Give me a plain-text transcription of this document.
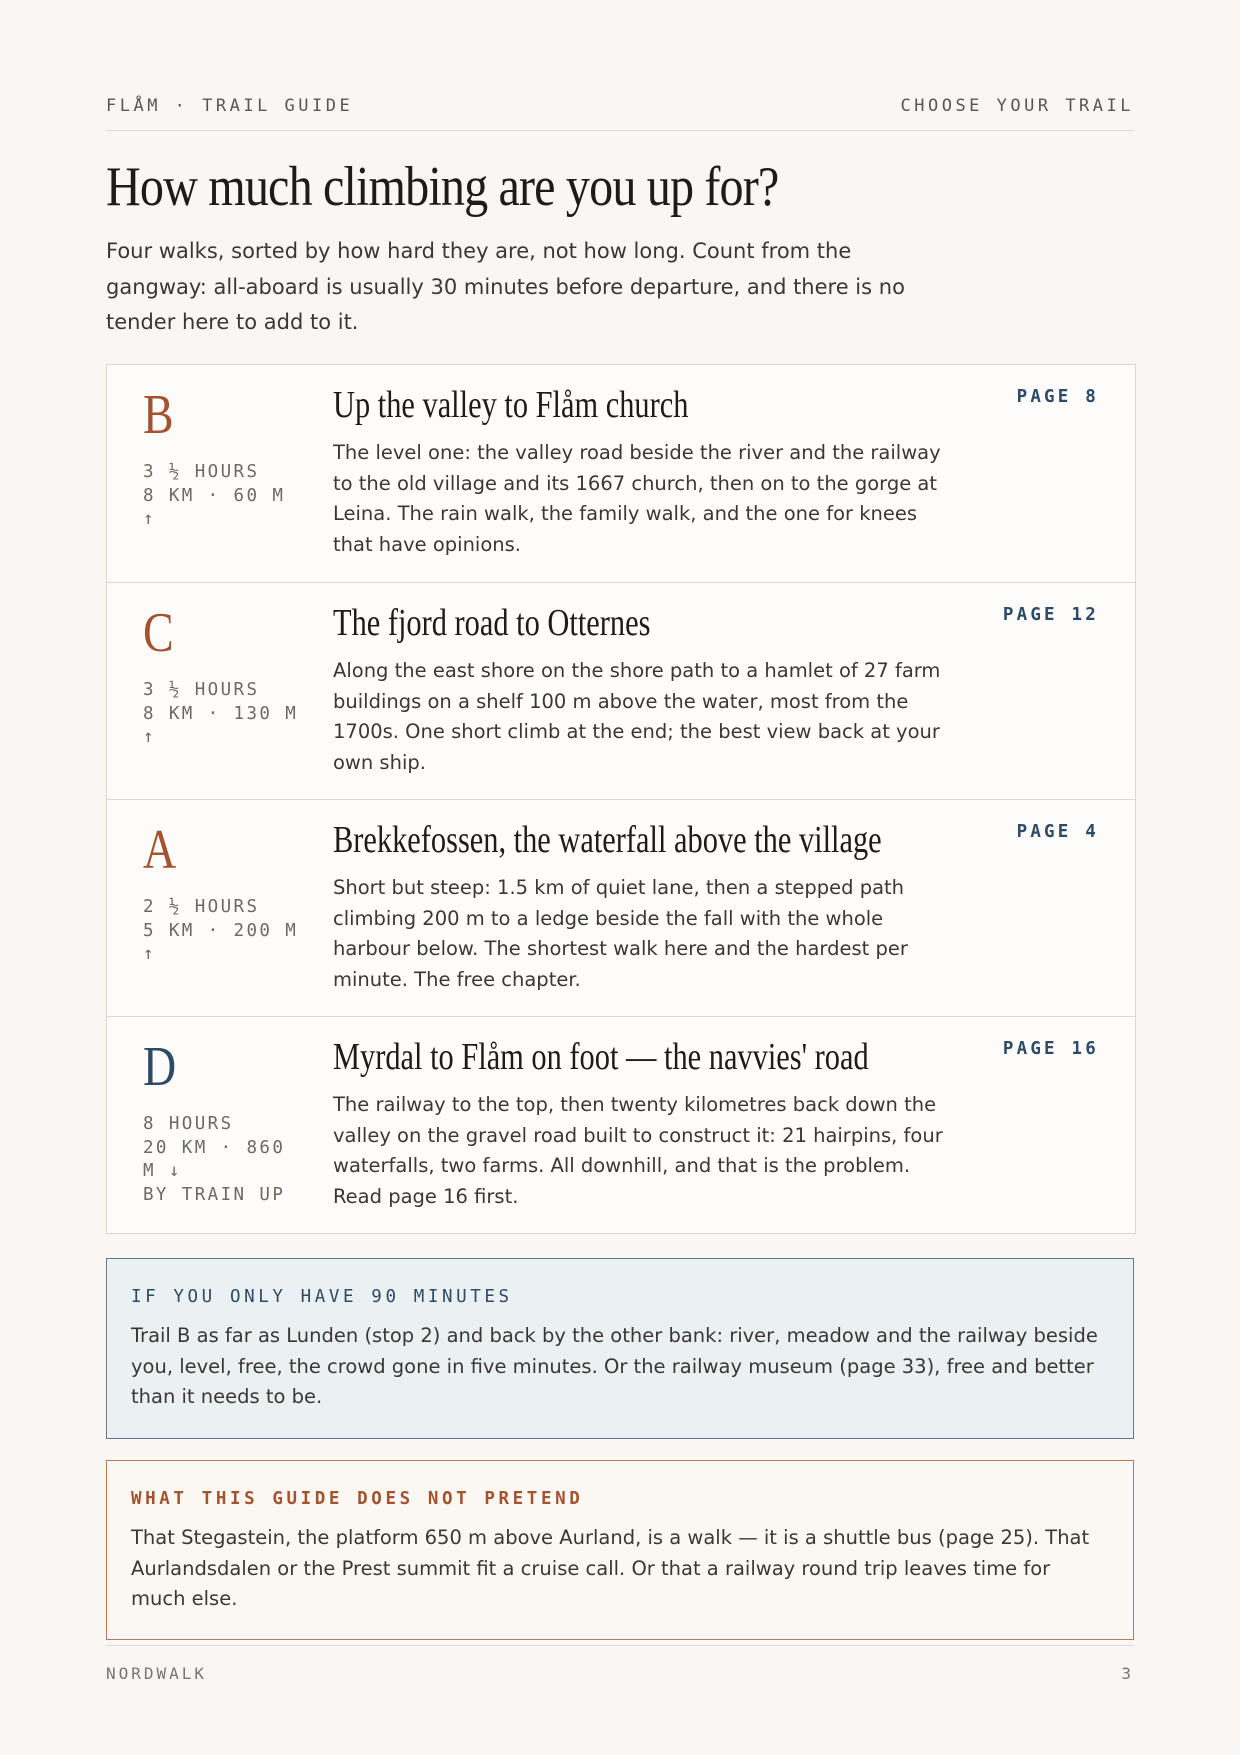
FLÅM · TRAIL GUIDE	CHOOSE YOUR TRAIL
How much climbing are you up for?

Four walks, sorted by how hard they are, not how long. Count from the gangway: all-aboard is usually 30 minutes before departure, and there is no tender here to add to it.

B
3 ½ HOURS
8 KM · 60 M ↑
Up the valley to Flåm church

The level one: the valley road beside the river and the railway to the old village and its 1667 church, then on to the gorge at Leina. The rain walk, the family walk, and the one for knees that have opinions.

PAGE 8
C
3 ½ HOURS
8 KM · 130 M ↑
The fjord road to Otternes

Along the east shore on the shore path to a hamlet of 27 farm buildings on a shelf 100 m above the water, most from the 1700s. One short climb at the end; the best view back at your own ship.

PAGE 12
A
2 ½ HOURS
5 KM · 200 M ↑
Brekkefossen, the waterfall above the village

Short but steep: 1.5 km of quiet lane, then a stepped path climbing 200 m to a ledge beside the fall with the whole harbour below. The shortest walk here and the hardest per minute. The free chapter.

PAGE 4
D
8 HOURS
20 KM · 860 M ↓
BY TRAIN UP
Myrdal to Flåm on foot — the navvies' road

The railway to the top, then twenty kilometres back down the valley on the gravel road built to construct it: 21 hairpins, four waterfalls, two farms. All downhill, and that is the problem. Read page 16 first.

PAGE 16
IF YOU ONLY HAVE 90 MINUTES

Trail B as far as Lunden (stop 2) and back by the other bank: river, meadow and the railway beside you, level, free, the crowd gone in five minutes. Or the railway museum (page 33), free and better than it needs to be.

WHAT THIS GUIDE DOES NOT PRETEND

That Stegastein, the platform 650 m above Aurland, is a walk — it is a shuttle bus (page 25). That Aurlandsdalen or the Prest summit fit a cruise call. Or that a railway round trip leaves time for much else.

NORDWALK	3
